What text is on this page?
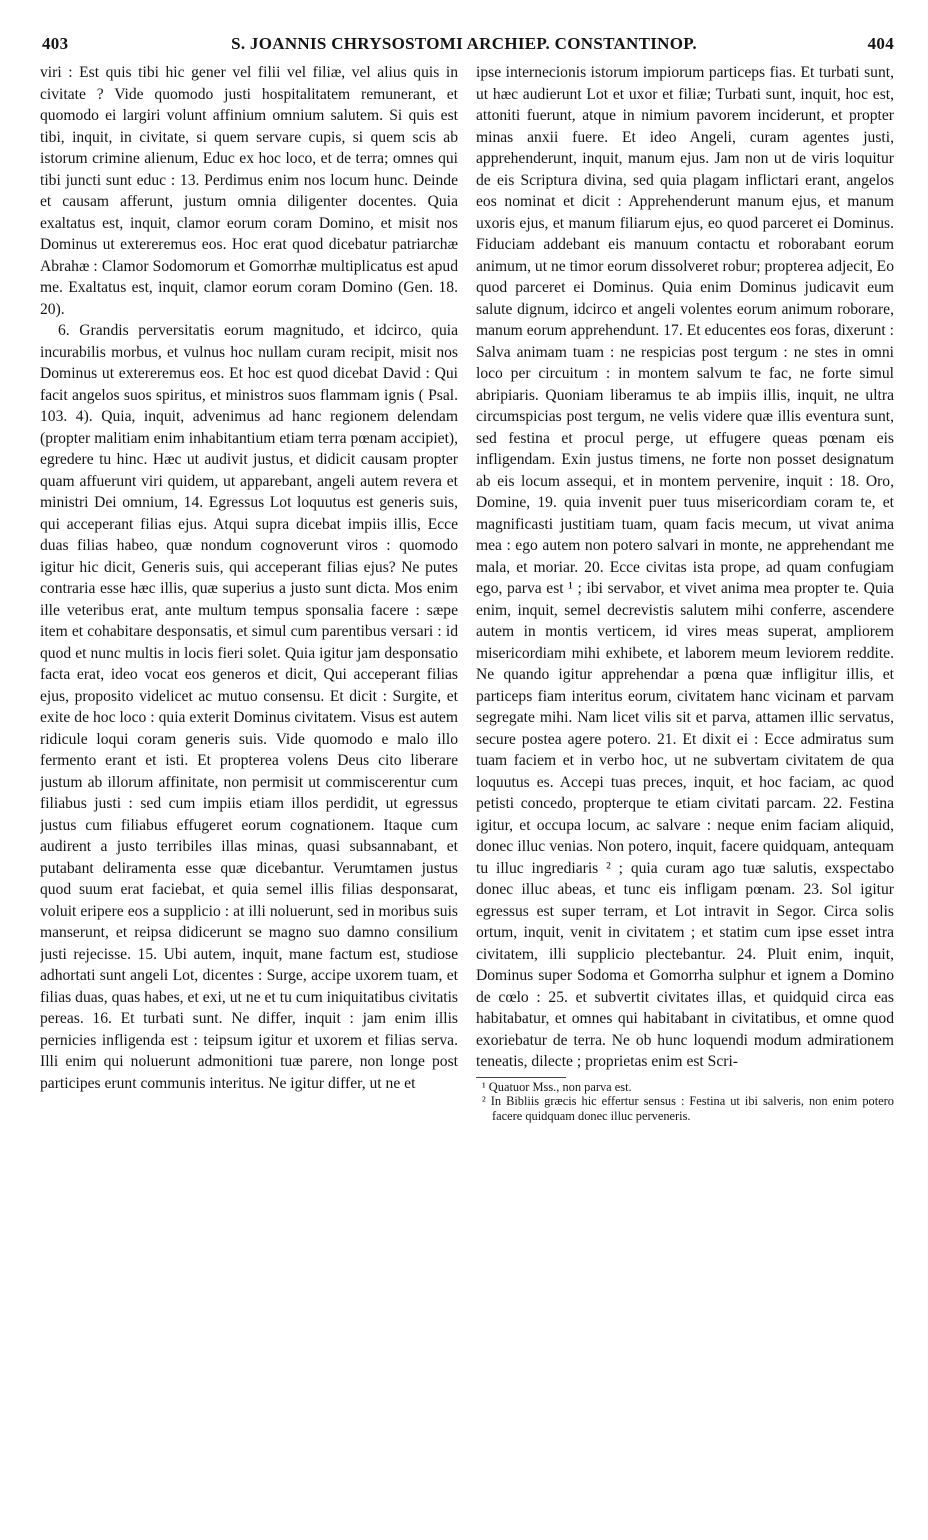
403	S. JOANNIS CHRYSOSTOMI ARCHIEP. CONSTANTINOP.	404

viri : Est quis tibi hic gener vel filii vel filiæ, vel alius quis in civitate ? Vide quomodo justi hospitalitatem remunerant, et quomodo ei largiri volunt affinium omnium salutem. Si quis est tibi, inquit, in civitate, si quem servare cupis, si quem scis ab istorum crimine alienum, Educ ex hoc loco, et de terra; omnes qui tibi juncti sunt educ : 13. Perdimus enim nos locum hunc. Deinde et causam afferunt, justum omnia diligenter docentes. Quia exaltatus est, inquit, clamor eorum coram Domino, et misit nos Dominus ut extereremus eos. Hoc erat quod dicebatur patriarchæ Abrahæ : Clamor Sodomorum et Gomorrhæ multiplicatus est apud me. Exaltatus est, inquit, clamor eorum coram Domino (Gen. 18. 20).

6. Grandis perversitatis eorum magnitudo, et idcirco, quia incurabilis morbus, et vulnus hoc nullam curam recipit, misit nos Dominus ut extereremus eos. Et hoc est quod dicebat David : Qui facit angelos suos spiritus, et ministros suos flammam ignis ( Psal. 103. 4). Quia, inquit, advenimus ad hanc regionem delendam (propter malitiam enim inhabitantium etiam terra pœnam accipiet), egredere tu hinc. Hæc ut audivit justus, et didicit causam propter quam affuerunt viri quidem, ut apparebant, angeli autem revera et ministri Dei omnium, 14. Egressus Lot loquutus est generis suis, qui acceperant filias ejus. Atqui supra dicebat impiis illis, Ecce duas filias habeo, quæ nondum cognoverunt viros : quomodo igitur hic dicit, Generis suis, qui acceperant filias ejus? Ne putes contraria esse hæc illis, quæ superius a justo sunt dicta. Mos enim ille veteribus erat, ante multum tempus sponsalia facere : sæpe item et cohabitare desponsatis, et simul cum parentibus versari : id quod et nunc multis in locis fieri solet. Quia igitur jam desponsatio facta erat, ideo vocat eos generos et dicit, Qui acceperant filias ejus, proposito videlicet ac mutuo consensu. Et dicit : Surgite, et exite de hoc loco : quia exterit Dominus civitatem. Visus est autem ridicule loqui coram generis suis. Vide quomodo e malo illo fermento erant et isti. Et propterea volens Deus cito liberare justum ab illorum affinitate, non permisit ut commiscerentur cum filiabus justi : sed cum impiis etiam illos perdidit, ut egressus justus cum filiabus effugeret eorum cognationem. Itaque cum audirent a justo terribiles illas minas, quasi subsannabant, et putabant deliramenta esse quæ dicebantur. Verumtamen justus quod suum erat faciebat, et quia semel illis filias desponsarat, voluit eripere eos a supplicio : at illi noluerunt, sed in moribus suis manserunt, et reipsa didicerunt se magno suo damno consilium justi rejecisse. 15. Ubi autem, inquit, mane factum est, studiose adhortati sunt angeli Lot, dicentes : Surge, accipe uxorem tuam, et filias duas, quas habes, et exi, ut ne et tu cum iniquitatibus civitatis pereas. 16. Et turbati sunt. Ne differ, inquit : jam enim illis pernicies infligenda est : teipsum igitur et uxorem et filias serva. Illi enim qui noluerunt admonitioni tuæ parere, non longe post participes erunt communis interitus. Ne igitur differ, ut ne et

ipse internecionis istorum impiorum particeps fias. Et turbati sunt, ut hæc audierunt Lot et uxor et filiæ; Turbati sunt, inquit, hoc est, attoniti fuerunt, atque in nimium pavorem inciderunt, et propter minas anxii fuere. Et ideo Angeli, curam agentes justi, apprehenderunt, inquit, manum ejus. Jam non ut de viris loquitur de eis Scriptura divina, sed quia plagam inflictari erant, angelos eos nominat et dicit : Apprehenderunt manum ejus, et manum uxoris ejus, et manum filiarum ejus, eo quod parceret ei Dominus. Fiduciam addebant eis manuum contactu et roborabant eorum animum, ut ne timor eorum dissolveret robur; propterea adjecit, Eo quod parceret ei Dominus. Quia enim Dominus judicavit eum salute dignum, idcirco et angeli volentes eorum animum roborare, manum eorum apprehendunt. 17. Et educentes eos foras, dixerunt : Salva animam tuam : ne respicias post tergum : ne stes in omni loco per circuitum : in montem salvum te fac, ne forte simul abripiaris. Quoniam liberamus te ab impiis illis, inquit, ne ultra circumspicias post tergum, ne velis videre quæ illis eventura sunt, sed festina et procul perge, ut effugere queas pœnam eis infligendam. Exin justus timens, ne forte non posset designatum ab eis locum assequi, et in montem pervenire, inquit : 18. Oro, Domine, 19. quia invenit puer tuus misericordiam coram te, et magnificasti justitiam tuam, quam facis mecum, ut vivat anima mea : ego autem non potero salvari in monte, ne apprehendant me mala, et moriar. 20. Ecce civitas ista prope, ad quam confugiam ego, parva est ¹ ; ibi servabor, et vivet anima mea propter te. Quia enim, inquit, semel decrevistis salutem mihi conferre, ascendere autem in montis verticem, id vires meas superat, ampliorem misericordiam mihi exhibete, et laborem meum leviorem reddite. Ne quando igitur apprehendar a pœna quæ infligitur illis, et particeps fiam interitus eorum, civitatem hanc vicinam et parvam segregate mihi. Nam licet vilis sit et parva, attamen illic servatus, secure postea agere potero. 21. Et dixit ei : Ecce admiratus sum tuam faciem et in verbo hoc, ut ne subvertam civitatem de qua loquutus es. Accepi tuas preces, inquit, et hoc faciam, ac quod petisti concedo, propterque te etiam civitati parcam. 22. Festina igitur, et occupa locum, ac salvare : neque enim faciam aliquid, donec illuc venias. Non potero, inquit, facere quidquam, antequam tu illuc ingrediaris ² ; quia curam ago tuæ salutis, exspectabo donec illuc abeas, et tunc eis infligam pœnam. 23. Sol igitur egressus est super terram, et Lot intravit in Segor. Circa solis ortum, inquit, venit in civitatem ; et statim cum ipse esset intra civitatem, illi supplicio plectebantur. 24. Pluit enim, inquit, Dominus super Sodoma et Gomorrha sulphur et ignem a Domino de cœlo : 25. et subvertit civitates illas, et quidquid circa eas habitabatur, et omnes qui habitabant in civitatibus, et omne quod exoriebatur de terra. Ne ob hunc loquendi modum admirationem teneatis, dilecte ; proprietas enim est Scri-

¹ Quatuor Mss., non parva est.

² In Bibliis græcis hic effertur sensus : Festina ut ibi salveris, non enim potero facere quidquam donec illuc perveneris.
